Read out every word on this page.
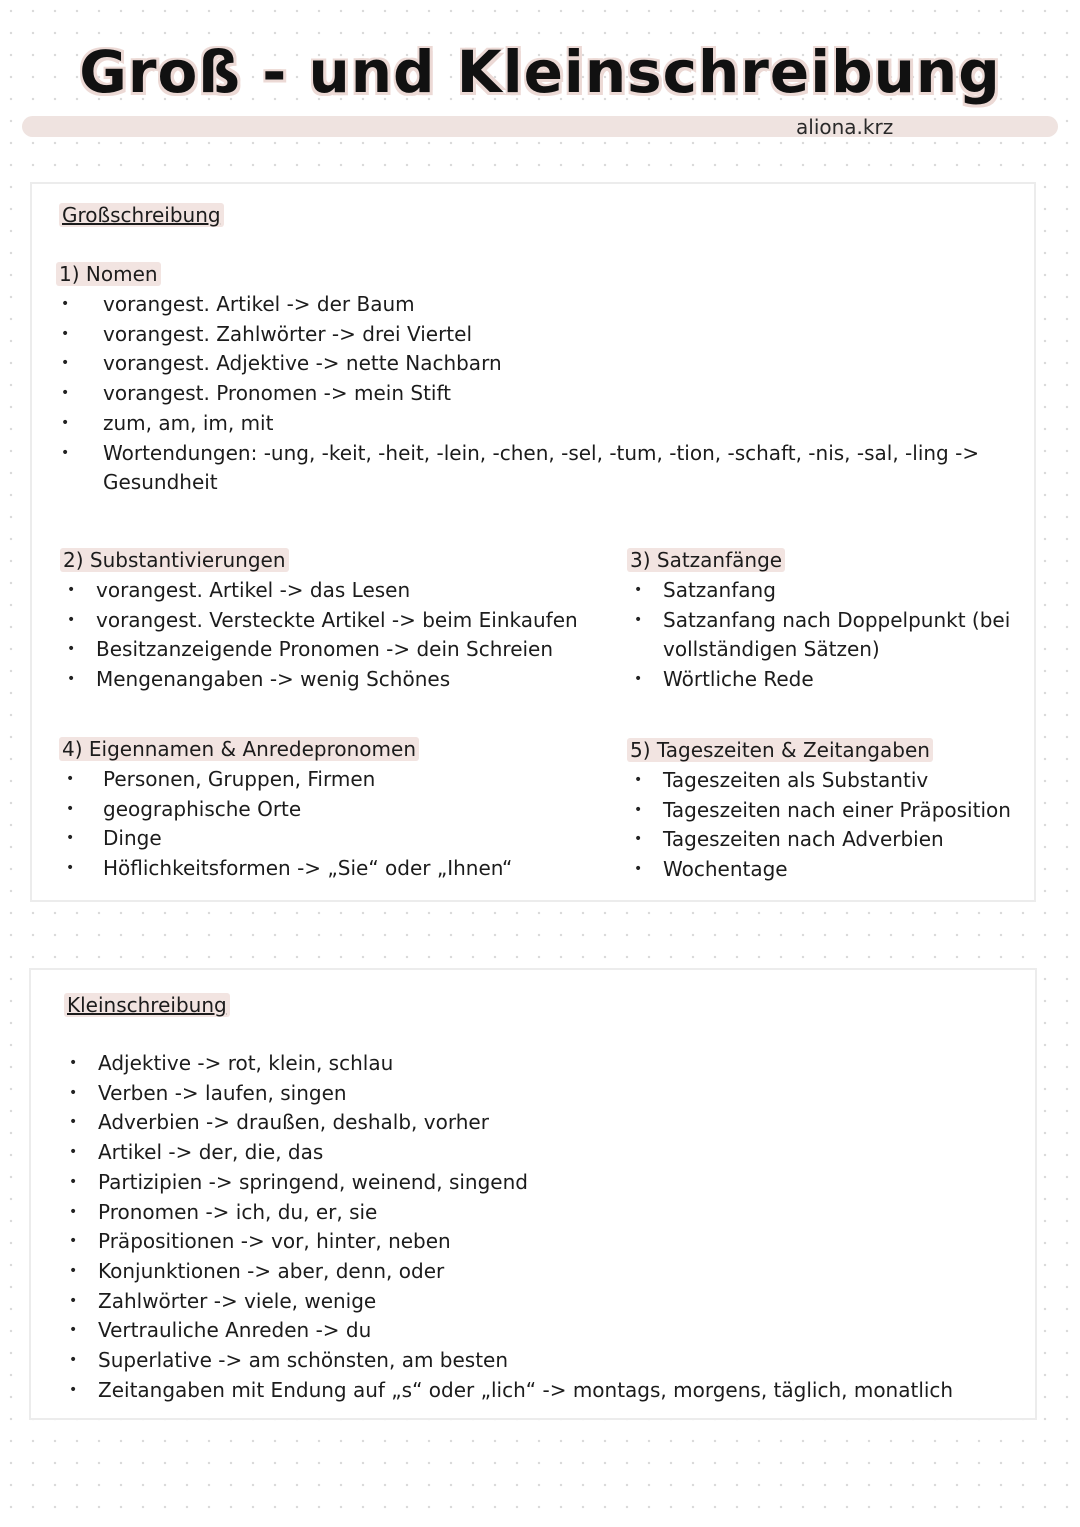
Groß - und Kleinschreibung
aliona.krz
Großschreibung
1) Nomen
• vorangest. Artikel -> der Baum
• vorangest. Zahlwörter -> drei Viertel
• vorangest. Adjektive -> nette Nachbarn
• vorangest. Pronomen -> mein Stift
• zum, am, im, mit
• Wortendungen: -ung, -keit, -heit, -lein, -chen, -sel, -tum, -tion, -schaft, -nis, -sal, -ling -> Gesundheit
2) Substantivierungen
• vorangest. Artikel -> das Lesen
• vorangest. Versteckte Artikel -> beim Einkaufen
• Besitzanzeigende Pronomen -> dein Schreien
• Mengenangaben -> wenig Schönes
3) Satzanfänge
• Satzanfang
• Satzanfang nach Doppelpunkt (bei vollständigen Sätzen)
• Wörtliche Rede
4) Eigennamen & Anredepronomen
• Personen, Gruppen, Firmen
• geographische Orte
• Dinge
• Höflichkeitsformen -> „Sie“ oder „Ihnen“
5) Tageszeiten & Zeitangaben
• Tageszeiten als Substantiv
• Tageszeiten nach einer Präposition
• Tageszeiten nach Adverbien
• Wochentage
Kleinschreibung
• Adjektive -> rot, klein, schlau
• Verben -> laufen, singen
• Adverbien -> draußen, deshalb, vorher
• Artikel -> der, die, das
• Partizipien -> springend, weinend, singend
• Pronomen -> ich, du, er, sie
• Präpositionen -> vor, hinter, neben
• Konjunktionen -> aber, denn, oder
• Zahlwörter -> viele, wenige
• Vertrauliche Anreden -> du
• Superlative -> am schönsten, am besten
• Zeitangaben mit Endung auf „s“ oder „lich“ -> montags, morgens, täglich, monatlich
